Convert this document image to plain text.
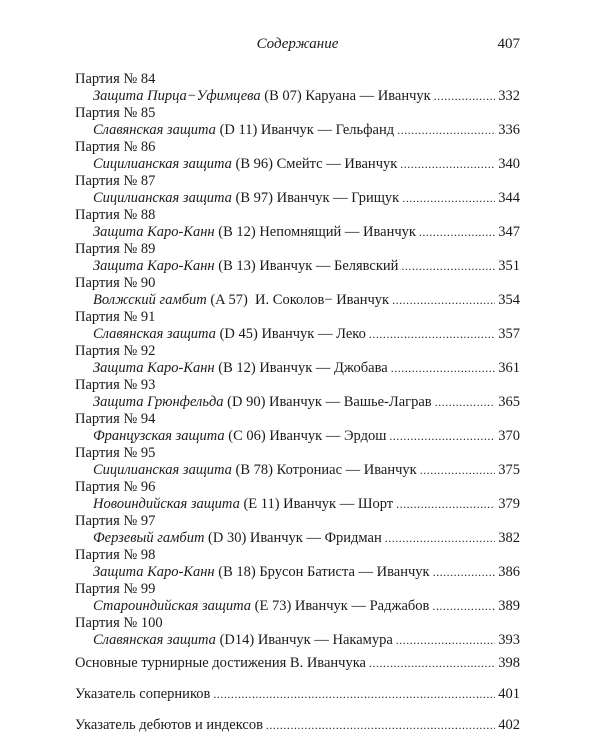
Содержание	407
Партия № 84
Защита Пирца−Уфимцева (B 07) Каруана — Иванчук .....	332
Партия № 85
Славянская защита (D 11) Иванчук — Гельфанд .....	336
Партия № 86
Сицилианская защита (B 96) Смейтс — Иванчук .....	340
Партия № 87
Сицилианская защита (B 97) Иванчук — Грищук .....	344
Партия № 88
Защита Каро-Канн (B 12) Непомнящий — Иванчук .....	347
Партия № 89
Защита Каро-Канн (B 13) Иванчук — Белявский .....	351
Партия № 90
Волжский гамбит (A 57)  И. Соколов− Иванчук .....	354
Партия № 91
Славянская защита (D 45) Иванчук — Леко .....	357
Партия № 92
Защита Каро-Канн (B 12) Иванчук — Джобава .....	361
Партия № 93
Защита Грюнфельда (D 90) Иванчук — Вашье-Лаграв .....	365
Партия № 94
Французская защита (C 06) Иванчук — Эрдош .....	370
Партия № 95
Сицилианская защита (B 78) Котрониас — Иванчук .....	375
Партия № 96
Новоиндийская защита (E 11) Иванчук — Шорт .....	379
Партия № 97
Ферзевый гамбит (D 30) Иванчук — Фридман .....	382
Партия № 98
Защита Каро-Канн (B 18) Брусон Батиста — Иванчук .....	386
Партия № 99
Староиндийская защита (E 73) Иванчук — Раджабов .....	389
Партия № 100
Славянская защита (D14) Иванчук — Накамура .....	393
Основные турнирные достижения В. Иванчука .....	398
Указатель соперников .....	401
Указатель дебютов и индексов .....	402
